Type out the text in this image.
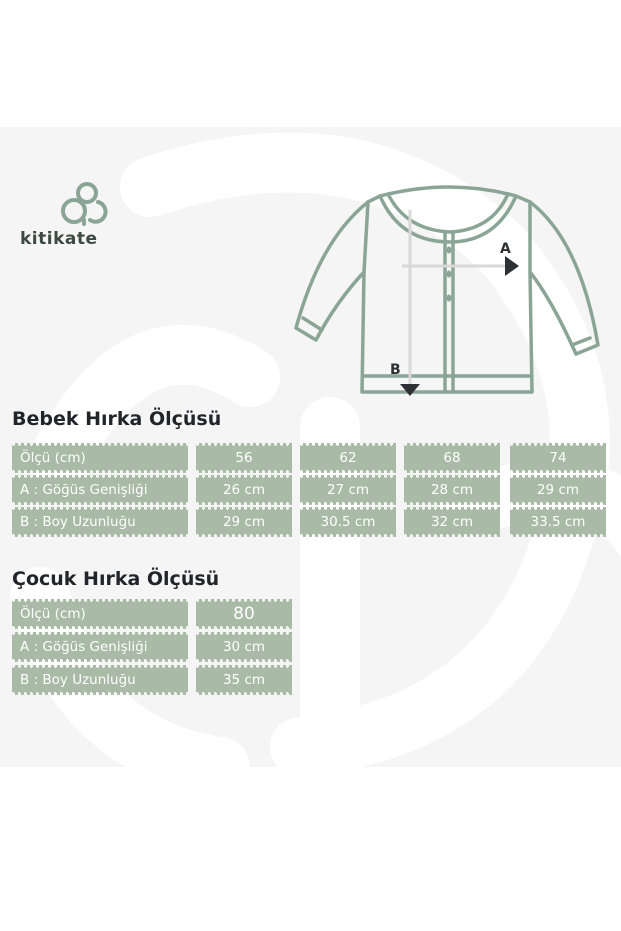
kitikate	A
B
Bebek Hırka Ölçüsü
Ölçü (cm)	56	62	68	74
A : Göğüs Genişliği	26 cm	27 cm	28 cm	29 cm
B : Boy Uzunluğu	29 cm	30.5 cm	32 cm	33.5 cm
Çocuk Hırka Ölçüsü
Ölçü (cm)	80
A : Göğüs Genişliği	30 cm
B : Boy Uzunluğu	35 cm
